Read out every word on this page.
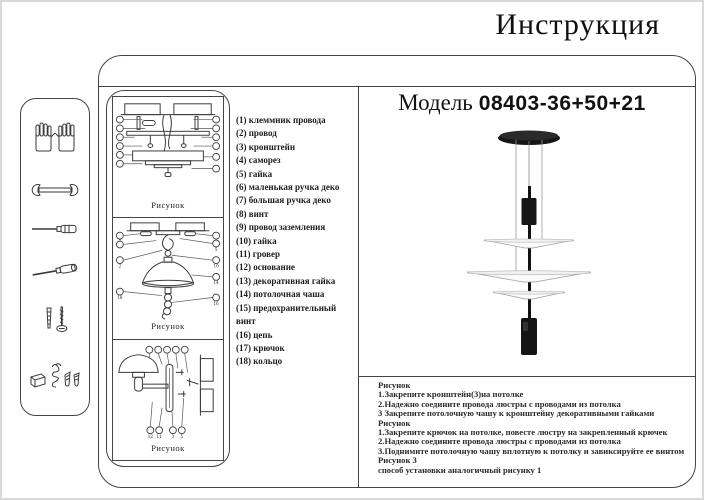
Инструкция
Рисунок
2
18
5
10
14
16
Рисунок
12 11 3 5
Рисунок
(1) клеммник провода
(2) провод
(3) кронштейн
(4) саморез
(5) гайка
(6) маленькая ручка деко
(7) большая ручка деко
(8) винт
(9) провод заземления
(10) гайка
(11) гровер
(12) основание
(13) декоративная гайка
(14) потолочная чаша
(15) предохранительный винт
(16) цепь
(17) крючок
(18) кольцо
Модель 08403-36+50+21
Рисунок
1.Закрепите кронштейн(3)на потолке
2.Надежно соедините провода люстры с проводами из потолка
3 Закрепите потолочную чашу к кронштейну декоративными гайками
Рисунок
1.Закрепите крючок на потолке, повесте люстру на закрепленный крючек
2.Надежно соедините провода люстры с проводами из потолка
3.Поднимите потолочную чашу вплотную к потолку и завиксируйте ее винтом
Рисунок 3
способ установки аналогичный рисунку 1
